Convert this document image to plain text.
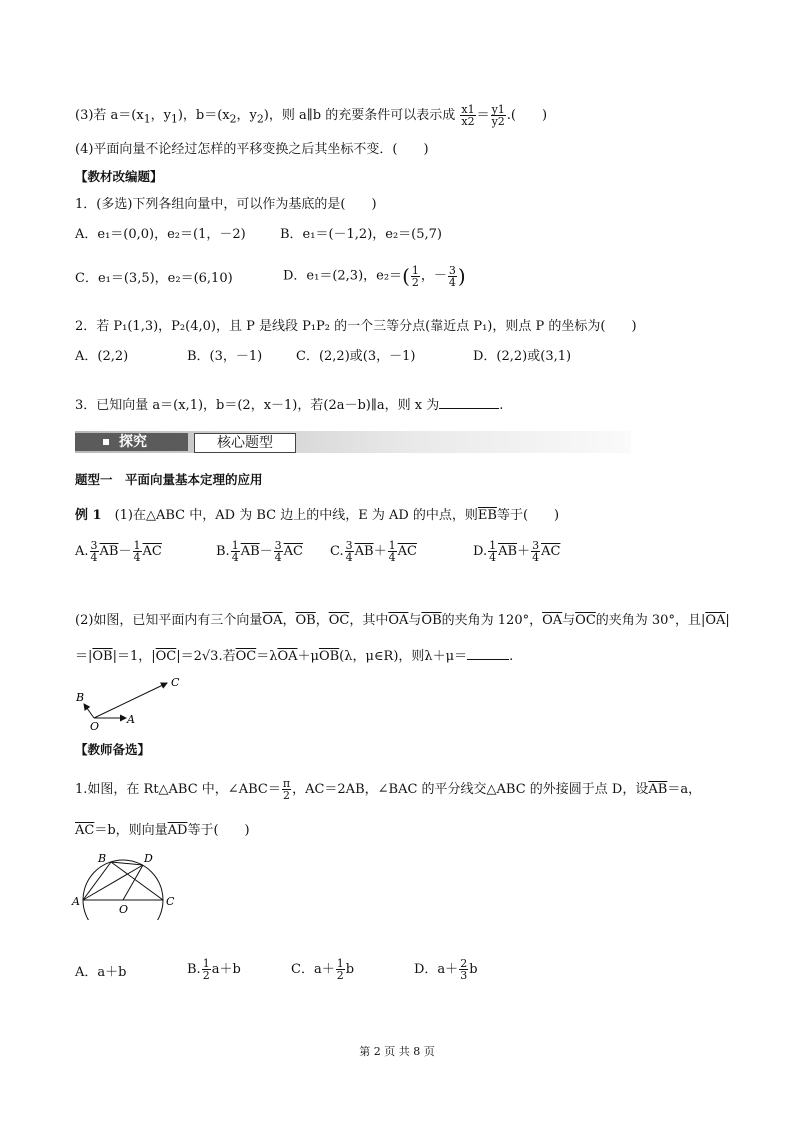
(3)若 $a=(x_1$，$y_1$)，$b=(x_2$，$y_2$)，则 a∥b 的充要条件可以表示成 $\frac{x1}{x2} = \frac{y1}{y2}$ .(　　)
(4)平面向量不论经过怎样的平移变换之后其坐标不变．(　　)
【教材改编题】
1．(多选)下列各组向量中，可以作为基底的是(　　)
A．e₁＝(0,0)，e₂＝(1，－2)	B．e₁＝(－1,2)，e₂＝(5,7)
C．e₁＝(3,5)，e₂＝(6,10)	D．e₁＝(2,3)，$e_2=( \frac{1}{2}$ ，－ $\frac{3}{4}$ )
2．若 P₁(1,3)，P₂(4,0)，且 P 是线段 P₁P₂ 的一个三等分点(靠近点 P₁)，则点 P 的坐标为(　　)
A．(2,2)	B．(3，－1)	C．(2,2)或(3，－1)	D．(2,2)或(3,1)
3．已知向量 a＝(x,1)，b＝(2，x－1)，若(2a－b)∥a，则 x 为	.
探究	核心题型
题型一　平面向量基本定理的应用
例 1　(1)在△ABC 中，AD 为 BC 边上的中线，E 为 AD 的中点，则$\overline{EB}$等于(　　)
A. $\frac{3}{4} \overline{AB}- \frac{1}{4} \overline{AC}$	B. $\frac{1}{4} \overline{AB}- \frac{3}{4} \overline{AC}$ C. $\frac{3}{4} \overline{AB}+ \frac{1}{4} \overline{AC}$	D. $\frac{1}{4} \overline{AB}+ \frac{3}{4} \overline{AC}$
(2)如图，已知平面内有三个向量$\overline{OA}$，$\overline{OB}$，$\overline{OC}$，其中$\overline{OA}$与$\overline{OB}$的夹角为 120°，$\overline{OA}$与$\overline{OC}$的夹角为 30°，且$|\overline{OA}|$
$=|\overline{OB}|=1$，$|\overline{OC}|=2√3$.若$\overline{OC}=\lambda\overline{OA}+\mu\overline{OB}(\lambda$，μ∈R)，则λ＋μ＝	.
B
C
O
A
【教师备选】
1.如图，在 Rt△ABC 中，∠ABC＝ $\frac{\pi}{2}$ ，AC＝2AB，∠BAC 的平分线交△ABC 的外接圆于点 D，设$\overline{AB}=a$，
$\overline{AC}=b$，则向量$\overline{AD}$等于(　　)
B	D
A
O
C
A．a＋b	B. $\frac{1}{2} a+b$	C．$a+ \frac{1}{2}$ b	D．$a+ \frac{2}{3}$ b
第 2 页 共 8 页
